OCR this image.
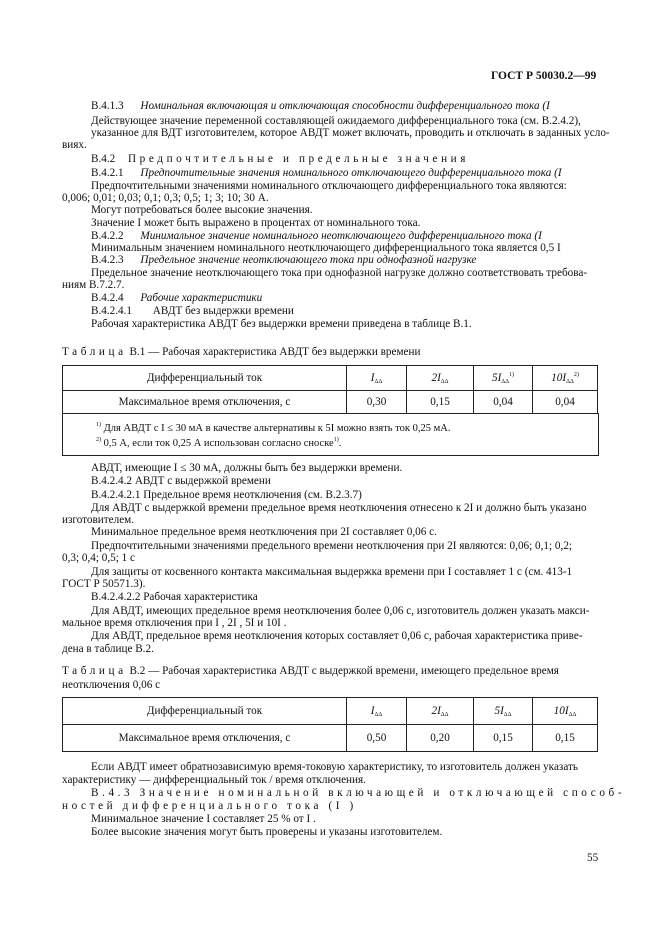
ГОСТ Р 50030.2—99
B.4.1.3 Номинальная включающая и отключающая способности дифференциального тока (I
Действующее значение переменной составляющей ожидаемого дифференциального тока (см. B.2.4.2),
указанное для ВДТ изготовителем, которое АВДТ может включать, проводить и отключать в заданных усло-
виях.
B.4.2 Предпочтительные и предельные значения
B.4.2.1 Предпочтительные значения номинального отключающего дифференциального тока (I
Предпочтительными значениями номинального отключающего дифференциального тока являются:
0,006; 0,01; 0,03; 0,1; 0,3; 0,5; 1; 3; 10; 30 А.
Могут потребоваться более высокие значения.
Значение I может быть выражено в процентах от номинального тока.
B.4.2.2 Минимальное значение номинального неотключающего дифференциального тока (I
Минимальным значением номинального неотключающего дифференциального тока является 0,5 I
B.4.2.3 Предельное значение неотключающего тока при однофазной нагрузке
Предельное значение неотключающего тока при однофазной нагрузке должно соответствовать требова-
ниям B.7.2.7.
B.4.2.4 Рабочие характеристики
B.4.2.4.1 АВДТ без выдержки времени
Рабочая характеристика АВДТ без выдержки времени приведена в таблице B.1.
Таблица B.1 — Рабочая характеристика АВДТ без выдержки времени
Дифференциальный ток	$I_{\Delta\Delta}$	$2I_{\Delta\Delta}$	$5I_{\Delta\Delta}^{1)}$	$10I_{\Delta\Delta}^{2)}$
Максимальное время отключения, с	0,30	0,15	0,04	0,04
$^{1)}$ Для АВДТ с I ≤ 30 мА в качестве альтернативы к 5I можно взять ток 0,25 мА.
$^{2)}$ 0,5 А, если ток 0,25 А использован согласно сноске$^{1)}$.
АВДТ, имеющие I ≤ 30 мА, должны быть без выдержки времени.
B.4.2.4.2 АВДТ с выдержкой времени
B.4.2.4.2.1 Предельное время неотключения (см. B.2.3.7)
Для АВДТ с выдержкой времени предельное время неотключения отнесено к 2I и должно быть указано
изготовителем.
Минимальное предельное время неотключения при 2I составляет 0,06 с.
Предпочтительными значениями предельного времени неотключения при 2I являются: 0,06; 0,1; 0,2;
0,3; 0,4; 0,5; 1 с
Для защиты от косвенного контакта максимальная выдержка времени при I составляет 1 с (см. 413-1
ГОСТ Р 50571.3).
B.4.2.4.2.2 Рабочая характеристика
Для АВДТ, имеющих предельное время неотключения более 0,06 с, изготовитель должен указать макси-
мальное время отключения при I , 2I , 5I и 10I .
Для АВДТ, предельное время неотключения которых составляет 0,06 с, рабочая характеристика приве-
дена в таблице B.2.
Таблица B.2 — Рабочая характеристика АВДТ с выдержкой времени, имеющего предельное время
неотключения 0,06 с
Дифференциальный ток	$I_{\Delta\Delta}$	$2I_{\Delta\Delta}$	$5I_{\Delta\Delta}$	$10I_{\Delta\Delta}$
Максимальное время отключения, с	0,50	0,20	0,15	0,15
Если АВДТ имеет обратнозависимую время-токовую характеристику, то изготовитель должен указать
характеристику — дифференциальный ток / время отключения.
B.4.3 Значение номинальной включающей и отключающей способ-
ностей дифференциального тока (I )
Минимальное значение I составляет 25 % от I .
Более высокие значения могут быть проверены и указаны изготовителем.
55
